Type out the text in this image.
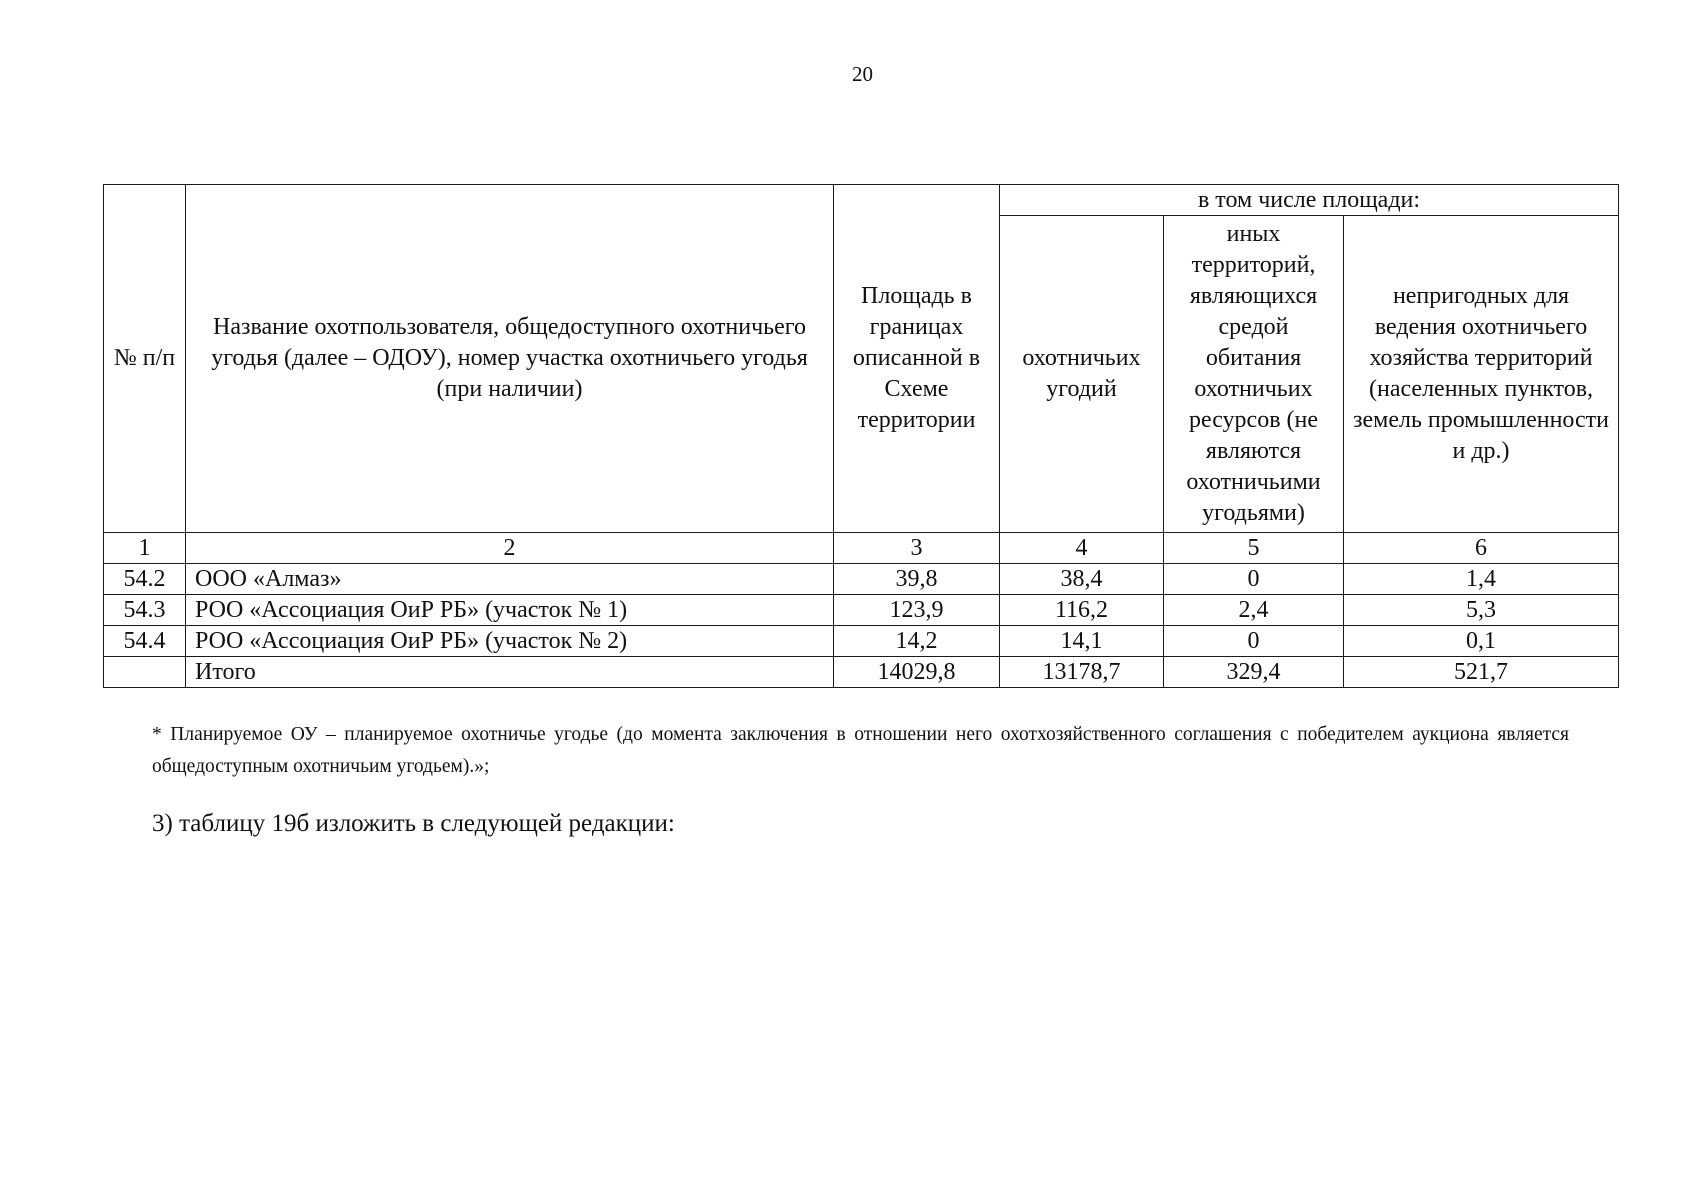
20
№ п/п	Название охотпользователя, общедоступного охотничьего угодья (далее – ОДОУ), номер участка охотничьего угодья (при наличии)	Площадь в границах описанной в Схеме территории	в том числе площади:		
			охотничьих угодий	иных территорий, являющихся средой обитания охотничьих ресурсов (не являются охотничьими угодьями)	непригодных для ведения охотничьего хозяйства территорий (населенных пунктов, земель промышленности и др.)
1	2	3	4	5	6
54.2	ООО «Алмаз»	39,8	38,4	0	1,4
54.3	РОО «Ассоциация ОиР РБ» (участок № 1)	123,9	116,2	2,4	5,3
54.4	РОО «Ассоциация ОиР РБ» (участок № 2)	14,2	14,1	0	0,1
	Итого	14029,8	13178,7	329,4	521,7
* Планируемое ОУ – планируемое охотничье угодье (до момента заключения в отношении него охотхозяйственного соглашения с победителем аукциона является общедоступным охотничьим угодьем).»;
3) таблицу 19б изложить в следующей редакции:
